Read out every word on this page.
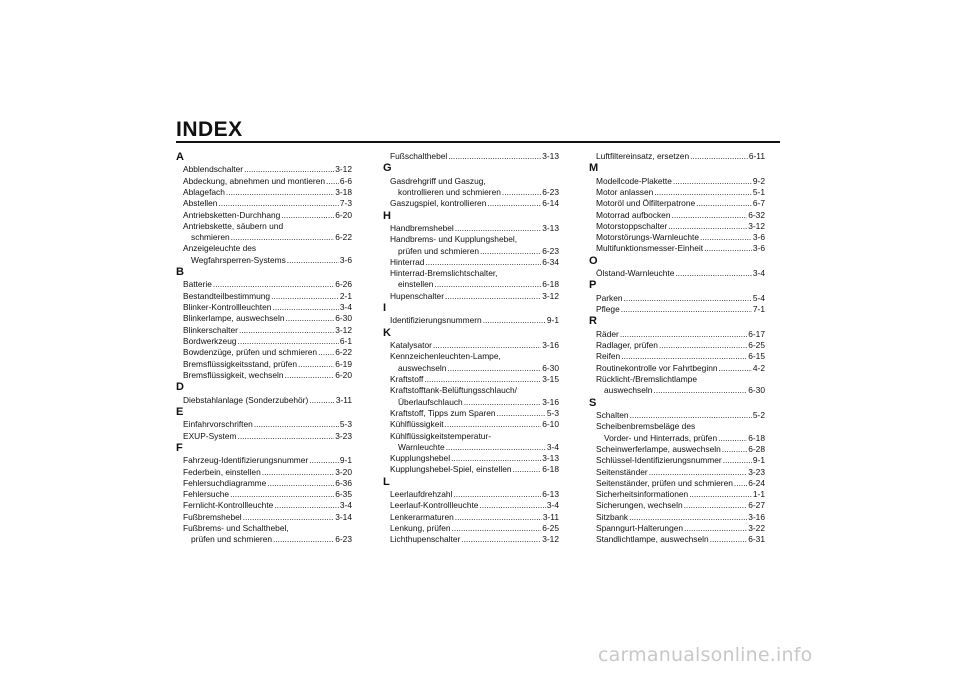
INDEX
A
Abblendschalter .....	3-12
Abdeckung, abnehmen und montieren ..... 6-6
Ablagefach .....	3-18
Abstellen .....	7-3
Antriebsketten-Durchhang .....	6-20
Antriebskette, säubern und
schmieren .....	6-22
Anzeigeleuchte des
Wegfahrsperren-Systems .....	3-6
B
Batterie .....	6-26
Bestandteilbestimmung .....	2-1
Blinker-Kontrollleuchten .....	3-4
Blinkerlampe, auswechseln .....	6-30
Blinkerschalter .....	3-12
Bordwerkzeug .....	6-1
Bowdenzüge, prüfen und schmieren ..... 6-22
Bremsflüssigkeitsstand, prüfen .....	6-19
Bremsflüssigkeit, wechseln .....	6-20
D
Diebstahlanlage (Sonderzubehör) .....	3-11
E
Einfahrvorschriften .....	5-3
EXUP-System .....	3-23
F
Fahrzeug-Identifizierungsnummer .....	9-1
Federbein, einstellen .....	3-20
Fehlersuchdiagramme .....	6-36
Fehlersuche .....	6-35
Fernlicht-Kontrollleuchte .....	3-4
Fußbremshebel .....	3-14
Fußbrems- und Schalthebel,
prüfen und schmieren .....	6-23
Fußschalthebel .....	3-13
G
Gasdrehgriff und Gaszug,
kontrollieren und schmieren .....	6-23
Gaszugspiel, kontrollieren .....	6-14
H
Handbremshebel .....	3-13
Handbrems- und Kupplungshebel,
prüfen und schmieren .....	6-23
Hinterrad .....	6-34
Hinterrad-Bremslichtschalter,
einstellen .....	6-18
Hupenschalter .....	3-12
I
Identifizierungsnummern .....	9-1
K
Katalysator .....	3-16
Kennzeichenleuchten-Lampe,
auswechseln .....	6-30
Kraftstoff .....	3-15
Kraftstofftank-Belüftungsschlauch/
Überlaufschlauch .....	3-16
Kraftstoff, Tipps zum Sparen .....	5-3
Kühlflüssigkeit .....	6-10
Kühlflüssigkeitstemperatur-
Warnleuchte .....	3-4
Kupplungshebel .....	3-13
Kupplungshebel-Spiel, einstellen .....	6-18
L
Leerlaufdrehzahl .....	6-13
Leerlauf-Kontrollleuchte .....	3-4
Lenkerarmaturen .....	3-11
Lenkung, prüfen .....	6-25
Lichthupenschalter .....	3-12
Luftfiltereinsatz, ersetzen .....	6-11
M
Modellcode-Plakette .....	9-2
Motor anlassen .....	5-1
Motoröl und Ölfilterpatrone .....	6-7
Motorrad aufbocken .....	6-32
Motorstoppschalter .....	3-12
Motorstörungs-Warnleuchte .....	3-6
Multifunktionsmesser-Einheit .....	3-6
O
Ölstand-Warnleuchte .....	3-4
P
Parken .....	5-4
Pflege .....	7-1
R
Räder .....	6-17
Radlager, prüfen .....	6-25
Reifen .....	6-15
Routinekontrolle vor Fahrtbeginn .....	4-2
Rücklicht-/Bremslichtlampe
auswechseln .....	6-30
S
Schalten .....	5-2
Scheibenbremsbeläge des
Vorder- und Hinterrads, prüfen .....	6-18
Scheinwerferlampe, auswechseln .....	6-28
Schlüssel-Identifizierungsnummer .....	9-1
Seitenständer .....	3-23
Seitenständer, prüfen und schmieren ..... 6-24
Sicherheitsinformationen .....	1-1
Sicherungen, wechseln .....	6-27
Sitzbank .....	3-16
Spanngurt-Halterungen .....	3-22
Standlichtlampe, auswechseln .....	6-31
carmanualsonline.info
